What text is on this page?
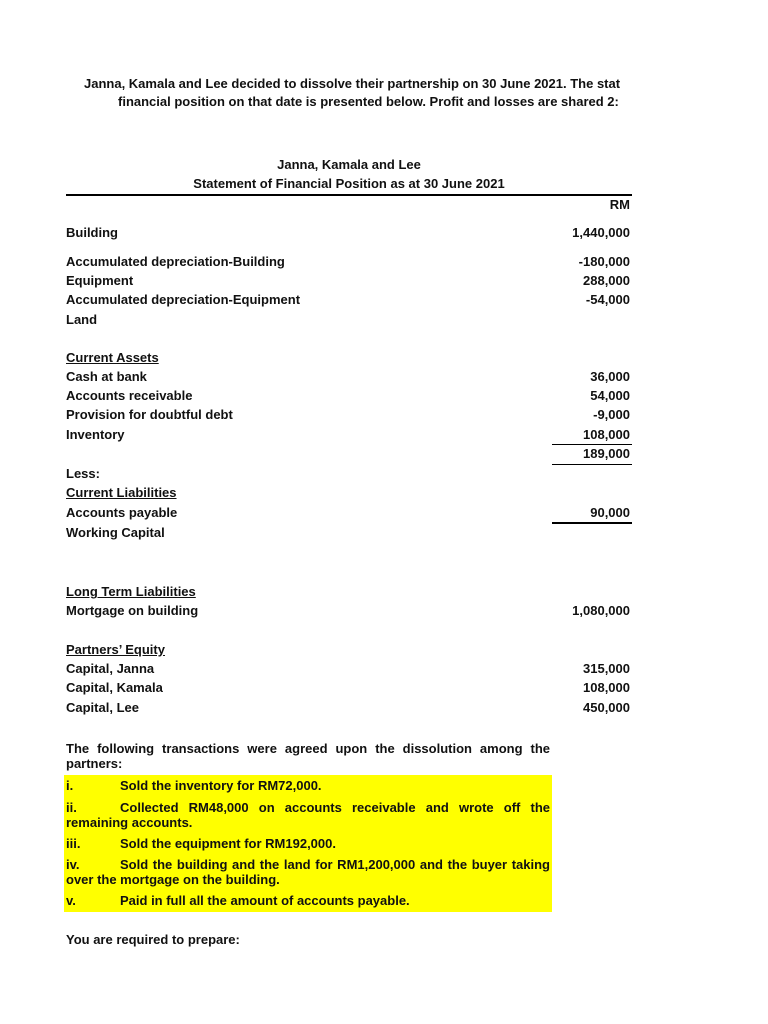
Janna, Kamala and Lee decided to dissolve their partnership on 30 June 2021. The stat
financial position on that date is presented below. Profit and losses are shared 2:
Janna, Kamala and Lee
Statement of Financial Position as at 30 June 2021
RM
Building	1,440,000
Accumulated depreciation-Building	-180,000
Equipment	288,000
Accumulated depreciation-Equipment	-54,000
Land
Current Assets
Cash at bank	36,000
Accounts receivable	54,000
Provision for doubtful debt	-9,000
Inventory	108,000
189,000
Less:
Current Liabilities
Accounts payable	90,000
Working Capital
Long Term Liabilities
Mortgage on building	1,080,000
Partners’ Equity
Capital, Janna	315,000
Capital, Kamala	108,000
Capital, Lee	450,000
The following transactions were agreed upon the dissolution among the partners:
i.	Sold the inventory for RM72,000.
ii.	Collected RM48,000 on accounts receivable and wrote off the remaining accounts.
iii.	Sold the equipment for RM192,000.
iv.	Sold the building and the land for RM1,200,000 and the buyer taking over the mortgage on the building.
v.	Paid in full all the amount of accounts payable.
You are required to prepare:
